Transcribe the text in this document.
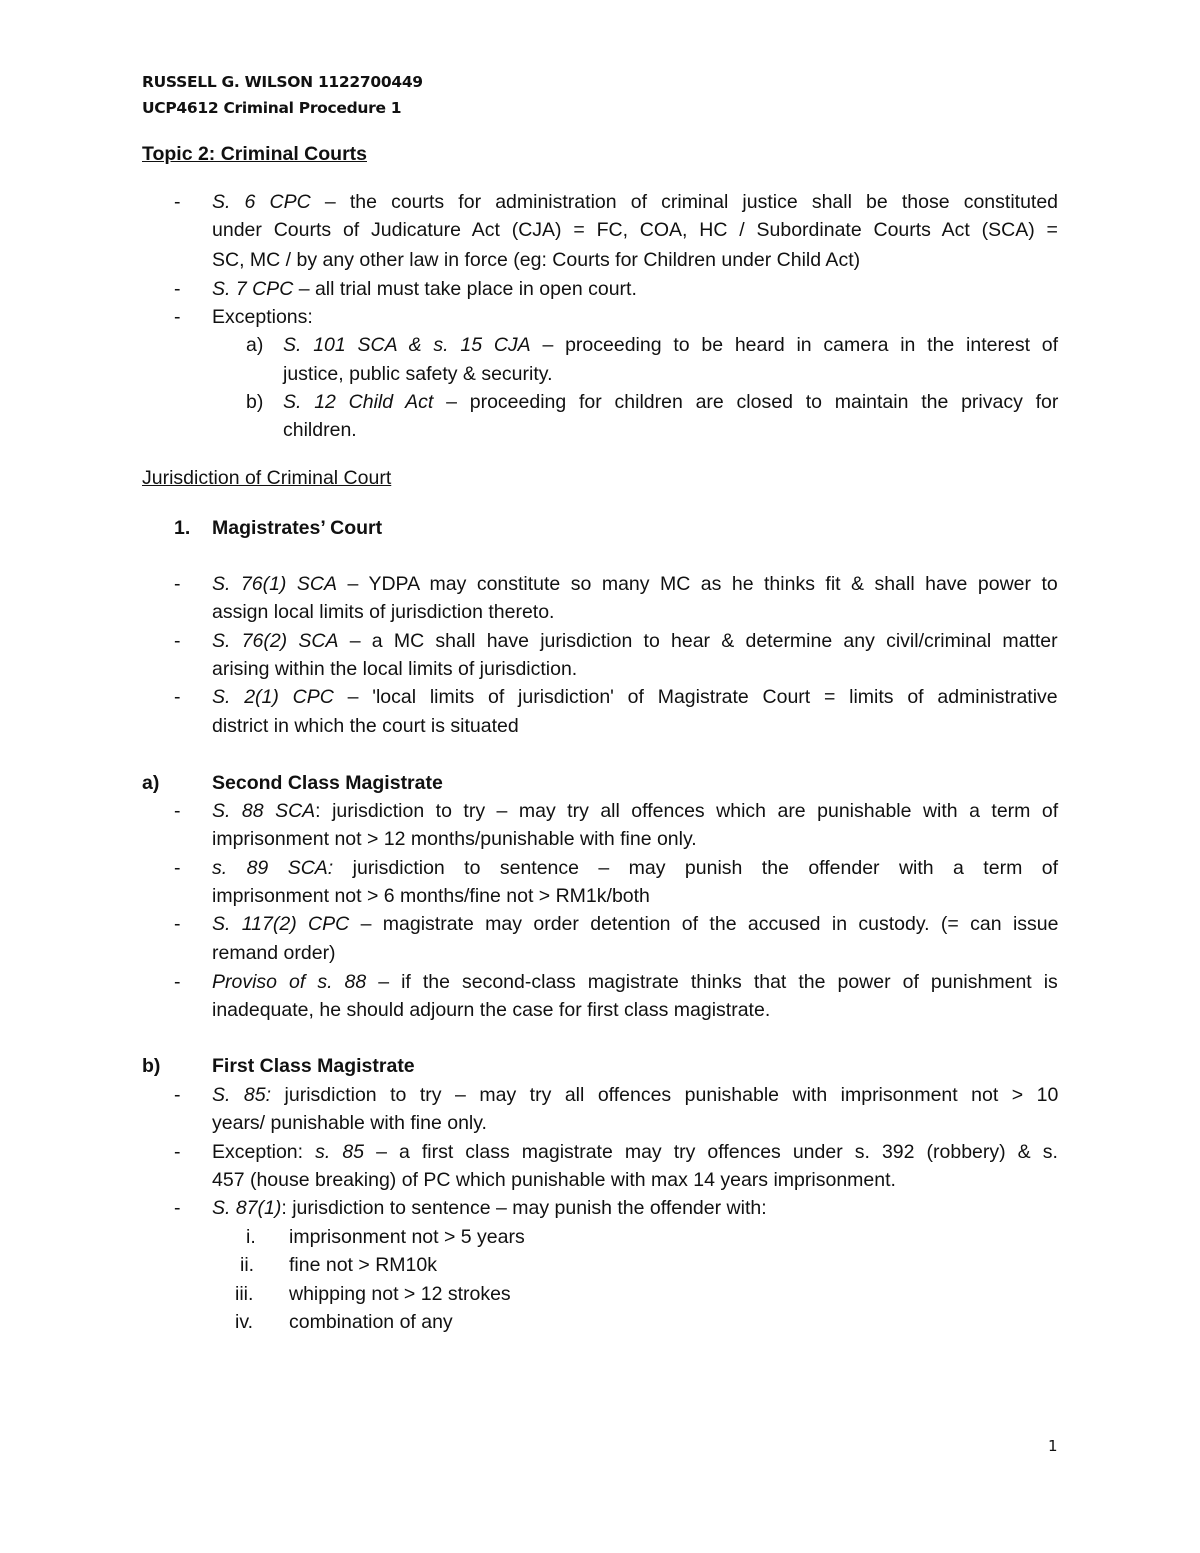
RUSSELL G. WILSON 1122700449
UCP4612 Criminal Procedure 1
Topic 2: Criminal Courts
- S. 6 CPC – the courts for administration of criminal justice shall be those constituted
under Courts of Judicature Act (CJA) = FC, COA, HC / Subordinate Courts Act (SCA) =
SC, MC / by any other law in force (eg: Courts for Children under Child Act)
- S. 7 CPC – all trial must take place in open court.
- Exceptions:
a) S. 101 SCA & s. 15 CJA – proceeding to be heard in camera in the interest of
justice, public safety & security.
b) S. 12 Child Act – proceeding for children are closed to maintain the privacy for
children.
Jurisdiction of Criminal Court
1. Magistrates’ Court
- S. 76(1) SCA – YDPA may constitute so many MC as he thinks fit & shall have power to
assign local limits of jurisdiction thereto.
- S. 76(2) SCA – a MC shall have jurisdiction to hear & determine any civil/criminal matter
arising within the local limits of jurisdiction.
- S. 2(1) CPC – 'local limits of jurisdiction' of Magistrate Court = limits of administrative
district in which the court is situated
a)	Second Class Magistrate
- S. 88 SCA: jurisdiction to try – may try all offences which are punishable with a term of
imprisonment not > 12 months/punishable with fine only.
- s. 89 SCA: jurisdiction to sentence – may punish the offender with a term of
imprisonment not > 6 months/fine not > RM1k/both
- S. 117(2) CPC – magistrate may order detention of the accused in custody. (= can issue
remand order)
- Proviso of s. 88 – if the second-class magistrate thinks that the power of punishment is
inadequate, he should adjourn the case for first class magistrate.
b)	First Class Magistrate
- S. 85: jurisdiction to try – may try all offences punishable with imprisonment not > 10
years/ punishable with fine only.
- Exception: s. 85 – a first class magistrate may try offences under s. 392 (robbery) & s.
457 (house breaking) of PC which punishable with max 14 years imprisonment.
- S. 87(1): jurisdiction to sentence – may punish the offender with:
i. imprisonment not > 5 years
ii. fine not > RM10k
iii. whipping not > 12 strokes
iv. combination of any
1
